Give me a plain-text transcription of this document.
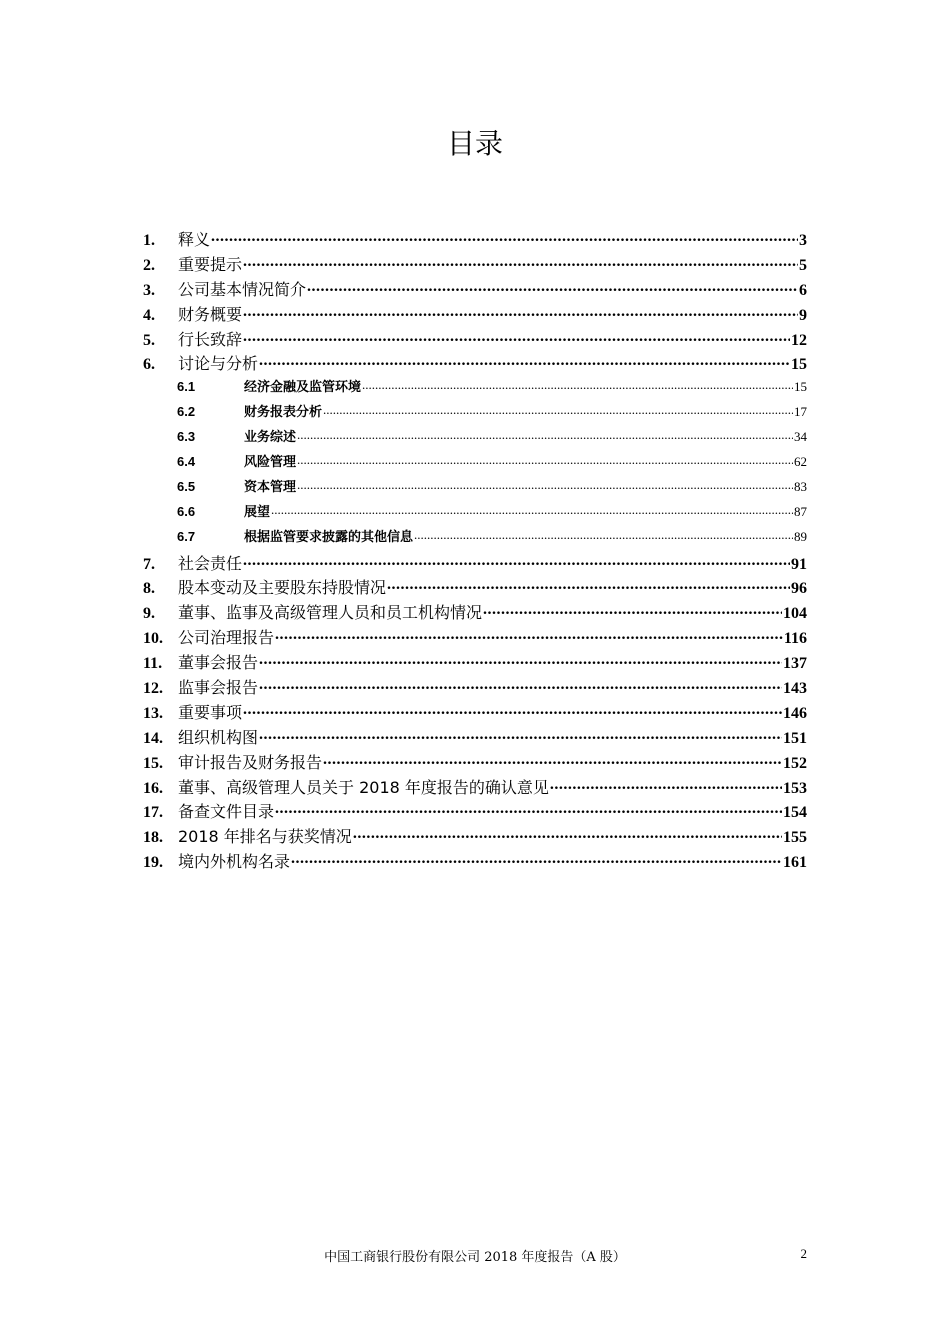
目录
1.	释义 .....	3
2.	重要提示 .....	5
3.	公司基本情况简介 .....	6
4.	财务概要 .....	9
5.	行长致辞 .....	12
6.	讨论与分析 .....	15
6.1	经济金融及监管环境 .....	15
6.2	财务报表分析 .....	17
6.3	业务综述 .....	34
6.4	风险管理 .....	62
6.5	资本管理 .....	83
6.6	展望 .....	87
6.7	根据监管要求披露的其他信息 .....	89
7.	社会责任 .....	91
8.	股本变动及主要股东持股情况 .....	96
9.	董事、监事及高级管理人员和员工机构情况 .....	104
10. 公司治理报告 .....	116
11. 董事会报告 .....	137
12. 监事会报告 .....	143
13. 重要事项 .....	146
14. 组织机构图 .....	151
15. 审计报告及财务报告 .....	152
16. 董事、高级管理人员关于 2018 年度报告的确认意见 .....	153
17. 备查文件目录 .....	154
18. 2018 年排名与获奖情况 .....	155
19. 境内外机构名录 .....	161
中国工商银行股份有限公司 2018 年度报告（A 股）	2
